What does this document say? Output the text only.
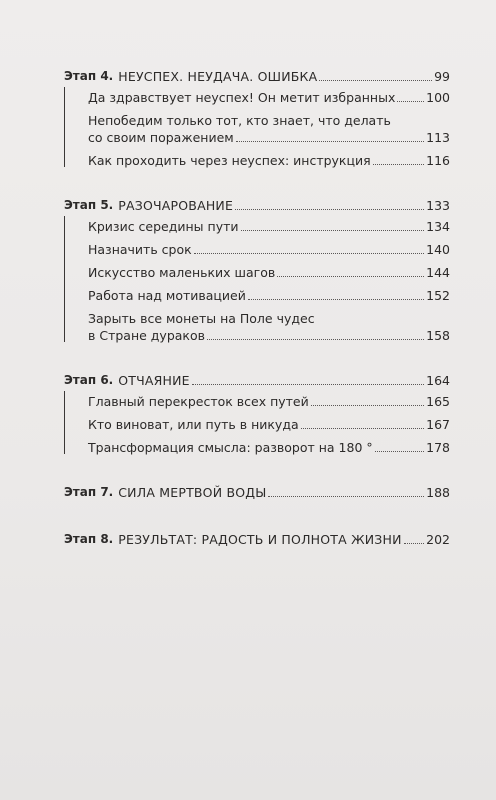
Этап 4. НЕУСПЕХ. НЕУДАЧА. ОШИБКА	99
Да здравствует неуспех! Он метит избранных 100
Непобедим только тот, кто знает, что делать
со своим поражением	113
Как проходить через неуспех: инструкция	116
Этап 5. РАЗОЧАРОВАНИЕ	133
Кризис середины пути	134
Назначить срок	140
Искусство маленьких шагов	144
Работа над мотивацией	152
Зарыть все монеты на Поле чудес
в Стране дураков	158
Этап 6. ОТЧАЯНИЕ	164
Главный перекресток всех путей	165
Кто виноват, или путь в никуда	167
Трансформация смысла: разворот на 180 °	178
Этап 7. СИЛА МЕРТВОЙ ВОДЫ	188
Этап 8. РЕЗУЛЬТАТ: РАДОСТЬ И ПОЛНОТА ЖИЗНИ 202
